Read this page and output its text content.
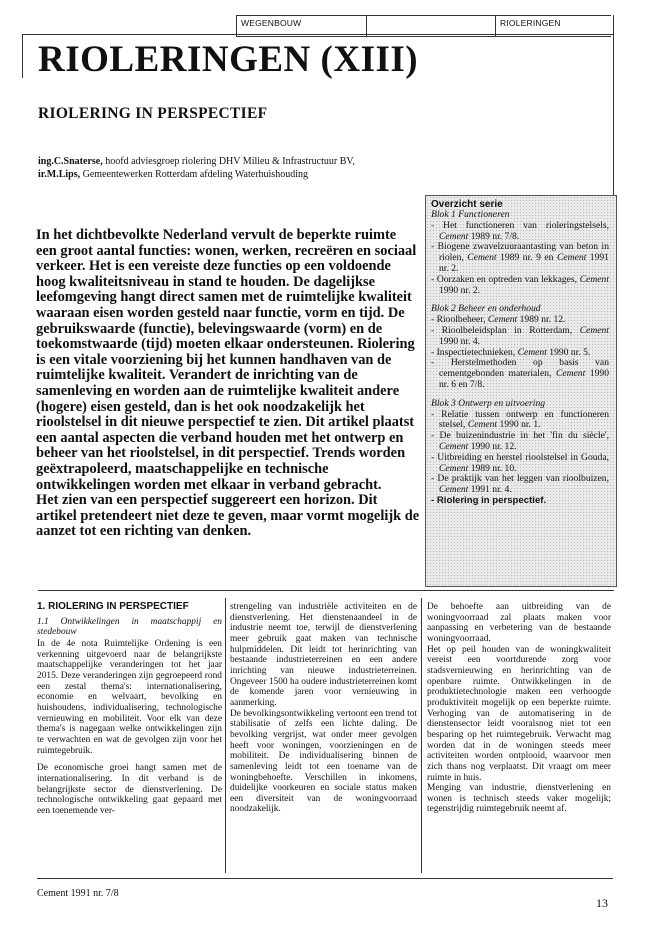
WEGENBOUW	RIOLERINGEN
RIOLERINGEN (XIII)
RIOLERING IN PERSPECTIEF
ing.C.Snaterse, hoofd adviesgroep riolering DHV Milieu & Infrastructuur BV,
ir.M.Lips, Gemeentewerken Rotterdam afdeling Waterhuishouding

In het dichtbevolkte Nederland vervult de beperkte ruimte een groot aantal functies: wonen, werken, recreëren en sociaal verkeer. Het is een vereiste deze functies op een voldoende hoog kwaliteitsniveau in stand te houden. De dagelijkse leefomgeving hangt direct samen met de ruimtelijke kwaliteit waaraan eisen worden gesteld naar functie, vorm en tijd. De gebruikswaarde (functie), belevingswaarde (vorm) en de toekomstwaarde (tijd) moeten elkaar ondersteunen. Riolering is een vitale voorziening bij het kunnen handhaven van de ruimtelijke kwaliteit. Verandert de inrichting van de samenleving en worden aan de ruimtelijke kwaliteit andere (hogere) eisen gesteld, dan is het ook noodzakelijk het rioolstelsel in dit nieuwe perspectief te zien. Dit artikel plaatst een aantal aspecten die verband houden met het ontwerp en beheer van het rioolstelsel, in dit perspectief. Trends worden geëxtrapoleerd, maatschappelijke en technische ontwikkelingen worden met elkaar in verband gebracht.

Het zien van een perspectief suggereert een horizon. Dit artikel pretendeert niet deze te geven, maar vormt mogelijk de aanzet tot een richting van denken.

Overzicht serie
Blok 1 Functioneren
- Het functioneren van rioleringstelsels, Cement 1989 nr. 7/8.
- Biogene zwavelzuuraantasting van beton in riolen, Cement 1989 nr. 9 en Cement 1991 nr. 2.
- Oorzaken en optreden van lekkages, Cement 1990 nr. 2.
Blok 2 Beheer en onderhoud
- Rioolbeheer, Cement 1989 nr. 12.
- Rioolbeleidsplan in Rotterdam, Cement 1990 nr. 4.
- Inspectietechnieken, Cement 1990 nr. 5.
- Herstelmethoden op basis van cementgebonden materialen, Cement 1990 nr. 6 en 7/8.
Blok 3 Ontwerp en uitvoering
- Relatie tussen ontwerp en functioneren stelsel, Cement 1990 nr. 1.
- De buizenindustrie in het 'fin du siècle', Cement 1990 nr. 12.
- Uitbreiding en herstel rioolstelsel in Gouda, Cement 1989 nr. 10.
- De praktijk van het leggen van rioolbuizen, Cement 1991 nr. 4.
- Riolering in perspectief.

1. RIOLERING IN PERSPECTIEF

1.1 Ontwikkelingen in maatschappij en stedebouw

In de 4e nota Ruimtelijke Ordening is een verkenning uitgevoerd naar de belangrijkste maatschappelijke veranderingen tot het jaar 2015. Deze veranderingen zijn gegroepeerd rond een zestal thema's: internationalisering, economie en welvaart, bevolking en huishoudens, individualisering, technologische vernieuwing en mobiliteit. Voor elk van deze thema's is nagegaan welke ontwikkelingen zijn te verwachten en wat de gevolgen zijn voor het ruimtegebruik.

De economische groei hangt samen met de internationalisering. In dit verband is de belangrijkste sector de dienstverlening. De technologische ontwikkeling gaat gepaard met een toenemende ver-

strengeling van industriële activiteiten en de dienstverlening. Het dienstenaandeel in de industrie neemt toe, terwijl de dienstverlening meer gebruik gaat maken van technische hulpmiddelen. Dit leidt tot herinrichting van bestaande industrieterreinen en een andere inrichting van nieuwe industrieterreinen. Ongeveer 1500 ha oudere industrieterreinen komt de komende jaren voor vernieuwing in aanmerking.

De bevolkingsontwikkeling vertoont een trend tot stabilisatie of zelfs een lichte daling. De bevolking vergrijst, wat onder meer gevolgen heeft voor woningen, voorzieningen en de mobiliteit. De individualisering binnen de samenleving leidt tot een toename van de woningbehoefte. Verschillen in inkomens, duidelijke voorkeuren en sociale status maken een diversiteit van de woningvoorraad noodzakelijk.

De behoefte aan uitbreiding van de woningvoorraad zal plaats maken voor aanpassing en verbetering van de bestaande woningvoorraad.

Het op peil houden van de woningkwaliteit vereist een voortdurende zorg voor stadsvernieuwing en herinrichting van de openbare ruimte. Ontwikkelingen in de produktietechnologie maken een verhoogde produktiviteit mogelijk op een beperkte ruimte. Verhoging van de automatisering in de dienstensector leidt vooralsnog niet tot een besparing op het ruimtegebruik. Verwacht mag worden dat in de woningen steeds meer activiteiten worden ontplooid, waarvoor men zich thans nog verplaatst. Dit vraagt om meer ruimte in huis.

Menging van industrie, dienstverlening en wonen is technisch steeds vaker mogelijk; tegenstrijdig ruimtegebruik neemt af.

Cement 1991 nr. 7/8
13
